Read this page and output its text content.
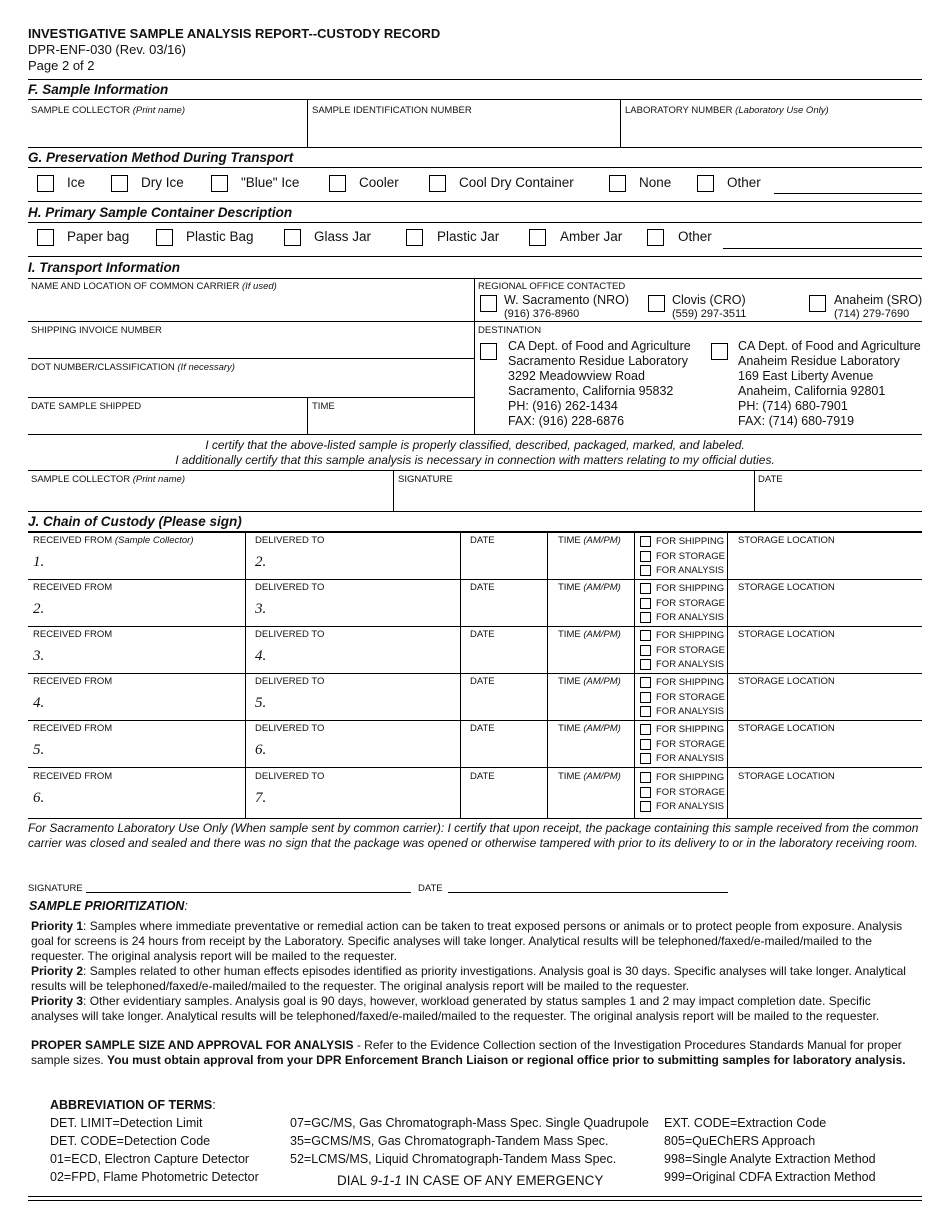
INVESTIGATIVE SAMPLE ANALYSIS REPORT--CUSTODY RECORD
DPR-ENF-030 (Rev. 03/16)
Page 2 of 2
F. Sample Information
SAMPLE COLLECTOR (Print name)	SAMPLE IDENTIFICATION NUMBER	LABORATORY NUMBER (Laboratory Use Only)
G. Preservation Method During Transport
Ice	Dry Ice	"Blue" Ice	Cooler	Cool Dry Container	None	Other
H. Primary Sample Container Description
Paper bag	Plastic Bag	Glass Jar	Plastic Jar	Amber Jar	Other
I. Transport Information
NAME AND LOCATION OF COMMON CARRIER (If used)
SHIPPING INVOICE NUMBER
DOT NUMBER/CLASSIFICATION (If necessary)
DATE SAMPLE SHIPPED	TIME
REGIONAL OFFICE CONTACTED
W. Sacramento (NRO)
(916) 376-8960
Clovis (CRO)
(559) 297-3511
Anaheim (SRO)
(714) 279-7690
DESTINATION
CA Dept. of Food and Agriculture
Sacramento Residue Laboratory
3292 Meadowview Road
Sacramento, California 95832
PH: (916) 262-1434
FAX: (916) 228-6876
CA Dept. of Food and Agriculture
Anaheim Residue Laboratory
169 East Liberty Avenue
Anaheim, California 92801
PH: (714) 680-7901
FAX: (714) 680-7919
I certify that the above-listed sample is properly classified, described, packaged, marked, and labeled.
I additionally certify that this sample analysis is necessary in connection with matters relating to my official duties.
SAMPLE COLLECTOR (Print name)	SIGNATURE	DATE
J. Chain of Custody (Please sign)
RECEIVED FROM (Sample Collector)
1.
DELIVERED TO
2.
DATE	TIME (AM/PM)	FOR SHIPPING
FOR STORAGE
FOR ANALYSIS
STORAGE LOCATION
RECEIVED FROM
2.
DELIVERED TO
3.
DATE	TIME (AM/PM)	FOR SHIPPING
FOR STORAGE
FOR ANALYSIS
STORAGE LOCATION
RECEIVED FROM
3.
DELIVERED TO
4.
DATE	TIME (AM/PM)	FOR SHIPPING
FOR STORAGE
FOR ANALYSIS
STORAGE LOCATION
RECEIVED FROM
4.
DELIVERED TO
5.
DATE	TIME (AM/PM)	FOR SHIPPING
FOR STORAGE
FOR ANALYSIS
STORAGE LOCATION
RECEIVED FROM
5.
DELIVERED TO
6.
DATE	TIME (AM/PM)	FOR SHIPPING
FOR STORAGE
FOR ANALYSIS
STORAGE LOCATION
RECEIVED FROM
6.
DELIVERED TO
7.
DATE	TIME (AM/PM)	FOR SHIPPING
FOR STORAGE
FOR ANALYSIS
STORAGE LOCATION
For Sacramento Laboratory Use Only (When sample sent by common carrier): I certify that upon receipt, the package containing this sample received from the common carrier was closed and sealed and there was no sign that the package was opened or otherwise tampered with prior to its delivery to or in the laboratory receiving room.
SIGNATURE	DATE
SAMPLE PRIORITIZATION:
Priority 1: Samples where immediate preventative or remedial action can be taken to treat exposed persons or animals or to protect people from exposure. Analysis goal for screens is 24 hours from receipt by the Laboratory. Specific analyses will take longer. Analytical results will be telephoned/faxed/e-mailed/mailed to the requester. The original analysis report will be mailed to the requester.
Priority 2: Samples related to other human effects episodes identified as priority investigations. Analysis goal is 30 days. Specific analyses will take longer. Analytical results will be telephoned/faxed/e-mailed/mailed to the requester. The original analysis report will be mailed to the requester.
Priority 3: Other evidentiary samples. Analysis goal is 90 days, however, workload generated by status samples 1 and 2 may impact completion date. Specific analyses will take longer. Analytical results will be telephoned/faxed/e-mailed/mailed to the requester. The original analysis report will be mailed to the requester.
PROPER SAMPLE SIZE AND APPROVAL FOR ANALYSIS - Refer to the Evidence Collection section of the Investigation Procedures Standards Manual for proper sample sizes. You must obtain approval from your DPR Enforcement Branch Liaison or regional office prior to submitting samples for laboratory analysis.
ABBREVIATION OF TERMS:
DET. LIMIT=Detection Limit
DET. CODE=Detection Code
01=ECD, Electron Capture Detector
02=FPD, Flame Photometric Detector
07=GC/MS, Gas Chromatograph-Mass Spec. Single Quadrupole
35=GCMS/MS, Gas Chromatograph-Tandem Mass Spec.
52=LCMS/MS, Liquid Chromatograph-Tandem Mass Spec.
EXT. CODE=Extraction Code
805=QuEChERS Approach
998=Single Analyte Extraction Method
999=Original CDFA Extraction Method
DIAL 9-1-1 IN CASE OF ANY EMERGENCY
